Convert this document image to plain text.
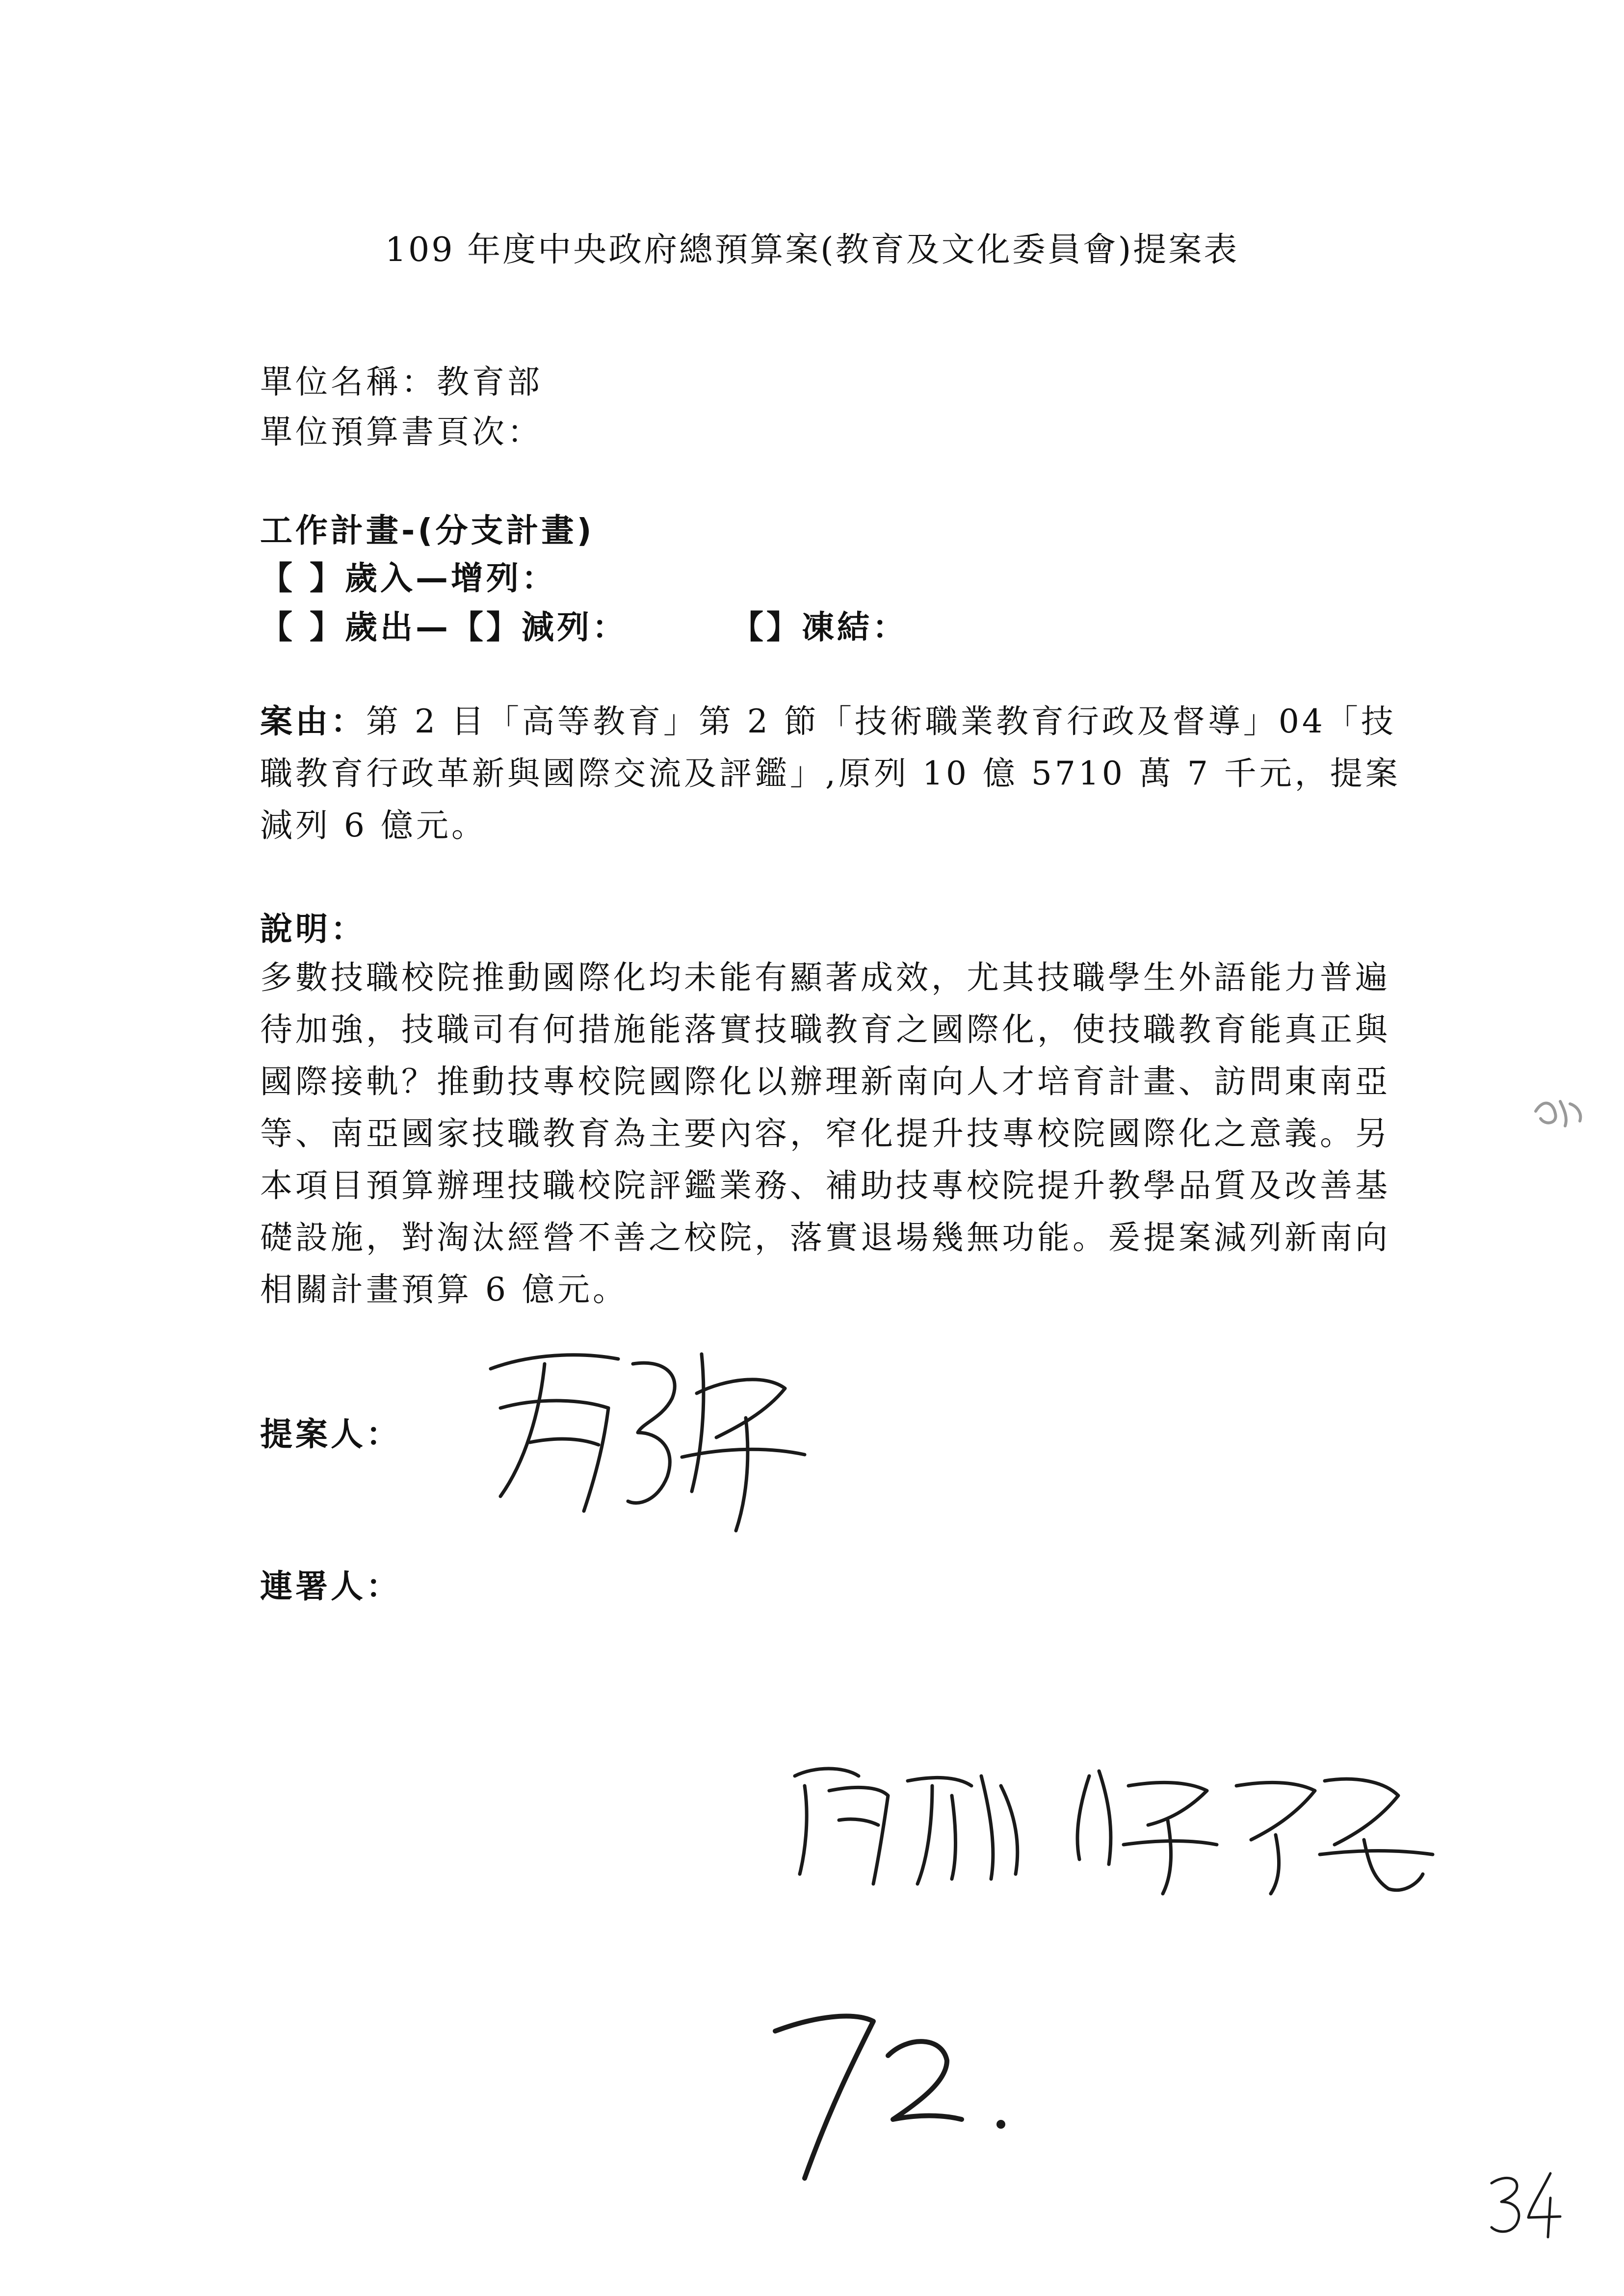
109 年度中央政府總預算案(教育及文化委員會)提案表
單位名稱：教育部
單位預算書頁次：
工作計畫-(分支計畫)
【 】歲入—增列：
【 】歲出—【】減列：	【】凍結：
案由：第 2 目「高等教育」第 2 節「技術職業教育行政及督導」04「技職教育行政革新與國際交流及評鑑」,原列 10 億 5710 萬 7 千元，提案減列 6 億元。
說明：

多數技職校院推動國際化均未能有顯著成效，尤其技職學生外語能力普遍待加強，技職司有何措施能落實技職教育之國際化，使技職教育能真正與國際接軌？推動技專校院國際化以辦理新南向人才培育計畫、訪問東南亞等、南亞國家技職教育為主要內容，窄化提升技專校院國際化之意義。另本項目預算辦理技職校院評鑑業務、補助技專校院提升教學品質及改善基礎設施，對淘汰經營不善之校院，落實退場幾無功能。爰提案減列新南向相關計畫預算 6 億元。

提案人：
連署人：
